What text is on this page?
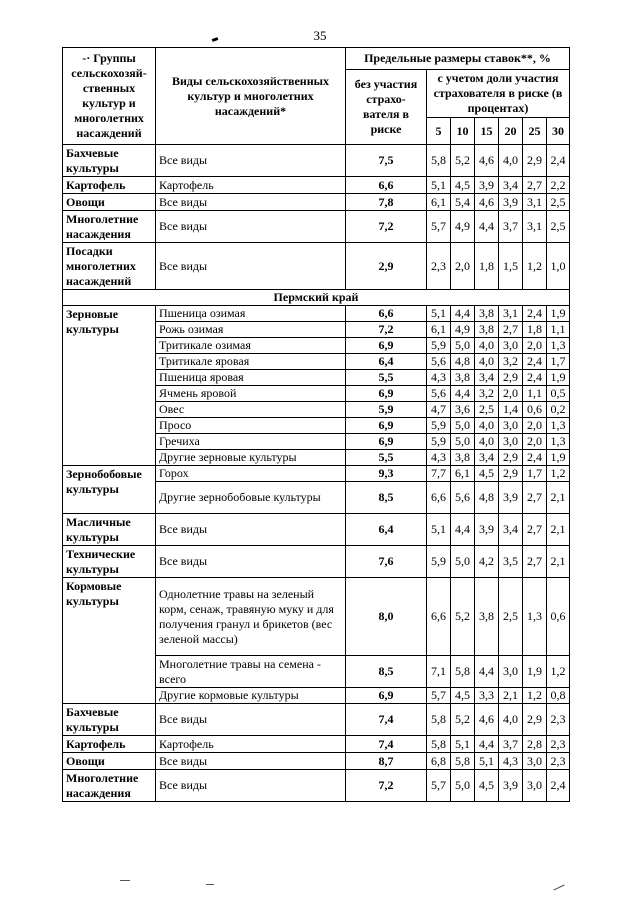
35
-· Группы сельскохозяй-ственных культур и многолетних насаждений	Виды сельскохозяйственных культур и многолетних насаждений*	Предельные размеры ставок**, %						
		без участия страхо-вателя в риске	с учетом доли участия страхователя в риске (в процентах)					
			5	10	15	20	25	30
Бахчевые культуры	Все виды	7,5	5,8	5,2	4,6	4,0	2,9	2,4
Картофель	Картофель	6,6	5,1	4,5	3,9	3,4	2,7	2,2
Овощи	Все виды	7,8	6,1	5,4	4,6	3,9	3,1	2,5
Многолетние насаждения	Все виды	7,2	5,7	4,9	4,4	3,7	3,1	2,5
Посадки многолетних насаждений	Все виды	2,9	2,3	2,0	1,8	1,5	1,2	1,0
Пермский край								
Зерновые культуры	Пшеница озимая	6,6	5,1	4,4	3,8	3,1	2,4	1,9
	Рожь озимая	7,2	6,1	4,9	3,8	2,7	1,8	1,1
	Тритикале озимая	6,9	5,9	5,0	4,0	3,0	2,0	1,3
	Тритикале яровая	6,4	5,6	4,8	4,0	3,2	2,4	1,7
	Пшеница яровая	5,5	4,3	3,8	3,4	2,9	2,4	1,9
	Ячмень яровой	6,9	5,6	4,4	3,2	2,0	1,1	0,5
	Овес	5,9	4,7	3,6	2,5	1,4	0,6	0,2
	Просо	6,9	5,9	5,0	4,0	3,0	2,0	1,3
	Гречиха	6,9	5,9	5,0	4,0	3,0	2,0	1,3
	Другие зерновые культуры	5,5	4,3	3,8	3,4	2,9	2,4	1,9
Зернобобовые культуры	Горох	9,3	7,7	6,1	4,5	2,9	1,7	1,2
	Другие зернобобовые культуры	8,5	6,6	5,6	4,8	3,9	2,7	2,1
Масличные культуры	Все виды	6,4	5,1	4,4	3,9	3,4	2,7	2,1
Технические культуры	Все виды	7,6	5,9	5,0	4,2	3,5	2,7	2,1
Кормовые культуры	Однолетние травы на зеленый корм, сенаж, травяную муку и для получения гранул и брикетов (вес зеленой массы)	8,0	6,6	5,2	3,8	2,5	1,3	0,6
	Многолетние травы на семена - всего	8,5	7,1	5,8	4,4	3,0	1,9	1,2
	Другие кормовые культуры	6,9	5,7	4,5	3,3	2,1	1,2	0,8
Бахчевые культуры	Все виды	7,4	5,8	5,2	4,6	4,0	2,9	2,3
Картофель	Картофель	7,4	5,8	5,1	4,4	3,7	2,8	2,3
Овощи	Все виды	8,7	6,8	5,8	5,1	4,3	3,0	2,3
Многолетние насаждения	Все виды	7,2	5,7	5,0	4,5	3,9	3,0	2,4
